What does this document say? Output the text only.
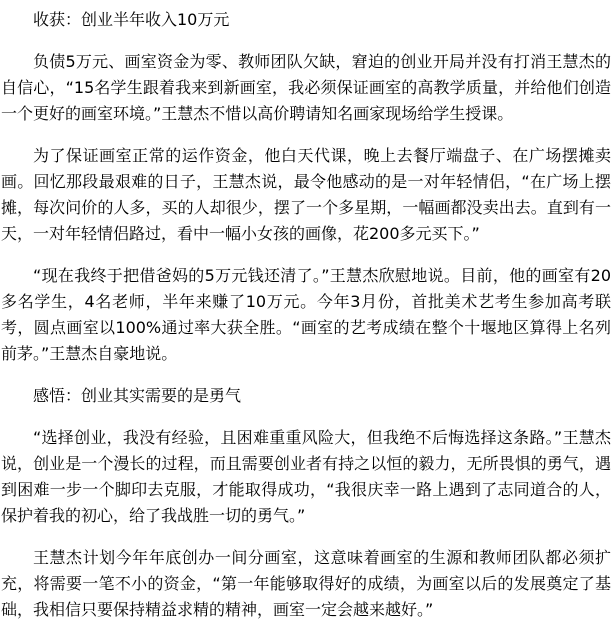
收获：创业半年收入10万元

负债5万元、画室资金为零、教师团队欠缺，窘迫的创业开局并没有打消王慧杰的自信心，“15名学生跟着我来到新画室，我必须保证画室的高教学质量，并给他们创造一个更好的画室环境。”王慧杰不惜以高价聘请知名画家现场给学生授课。

为了保证画室正常的运作资金，他白天代课，晚上去餐厅端盘子、在广场摆摊卖画。回忆那段最艰难的日子，王慧杰说，最令他感动的是一对年轻情侣，“在广场上摆摊，每次问价的人多，买的人却很少，摆了一个多星期，一幅画都没卖出去。直到有一天，一对年轻情侣路过，看中一幅小女孩的画像，花200多元买下。”

“现在我终于把借爸妈的5万元钱还清了。”王慧杰欣慰地说。目前，他的画室有20多名学生，4名老师，半年来赚了10万元。今年3月份，首批美术艺考生参加高考联考，圆点画室以100%通过率大获全胜。“画室的艺考成绩在整个十堰地区算得上名列前茅。”王慧杰自豪地说。

感悟：创业其实需要的是勇气

“选择创业，我没有经验，且困难重重风险大，但我绝不后悔选择这条路。”王慧杰说，创业是一个漫长的过程，而且需要创业者有持之以恒的毅力，无所畏惧的勇气，遇到困难一步一个脚印去克服，才能取得成功，“我很庆幸一路上遇到了志同道合的人，保护着我的初心，给了我战胜一切的勇气。”

王慧杰计划今年年底创办一间分画室，这意味着画室的生源和教师团队都必须扩充，将需要一笔不小的资金，“第一年能够取得好的成绩，为画室以后的发展奠定了基础，我相信只要保持精益求精的精神，画室一定会越来越好。”
